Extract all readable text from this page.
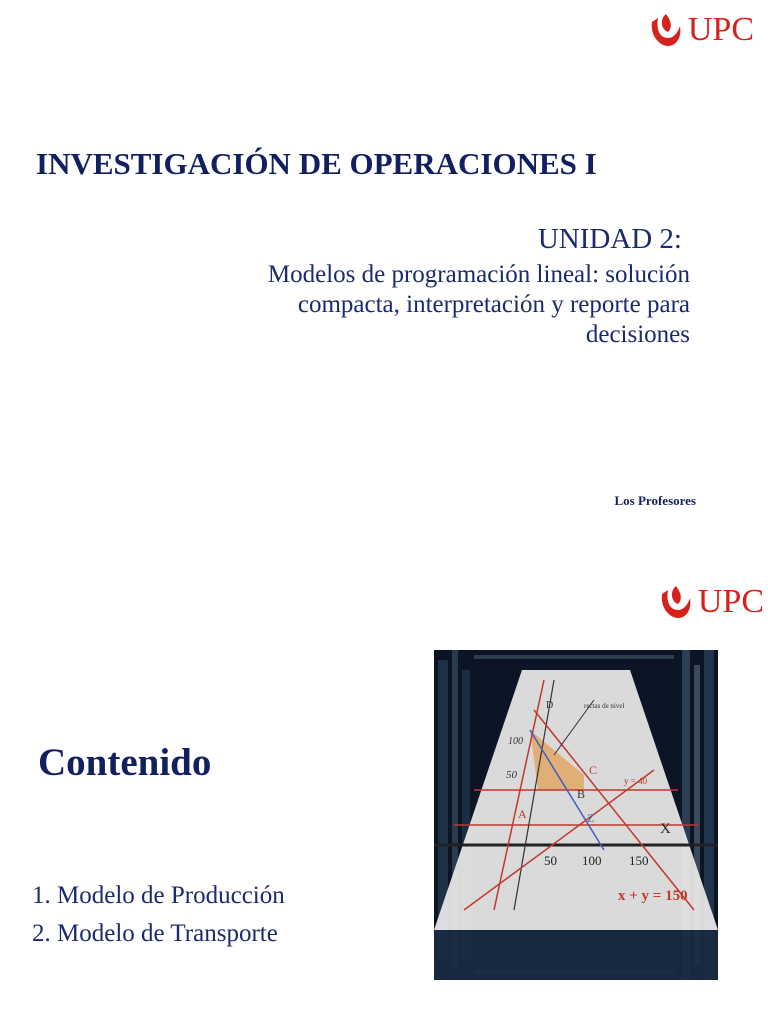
UPC
INVESTIGACIÓN DE OPERACIONES I
UNIDAD 2:
Modelos de programación lineal: solución
compacta, interpretación y reporte para
decisiones
Los Profesores
UPC
Contenido
1. Modelo de Producción
2. Modelo de Transporte
50
100
50 100 150
X
A
B
C
D
Z
y = 40
rectas de nivel
x + y = 150
